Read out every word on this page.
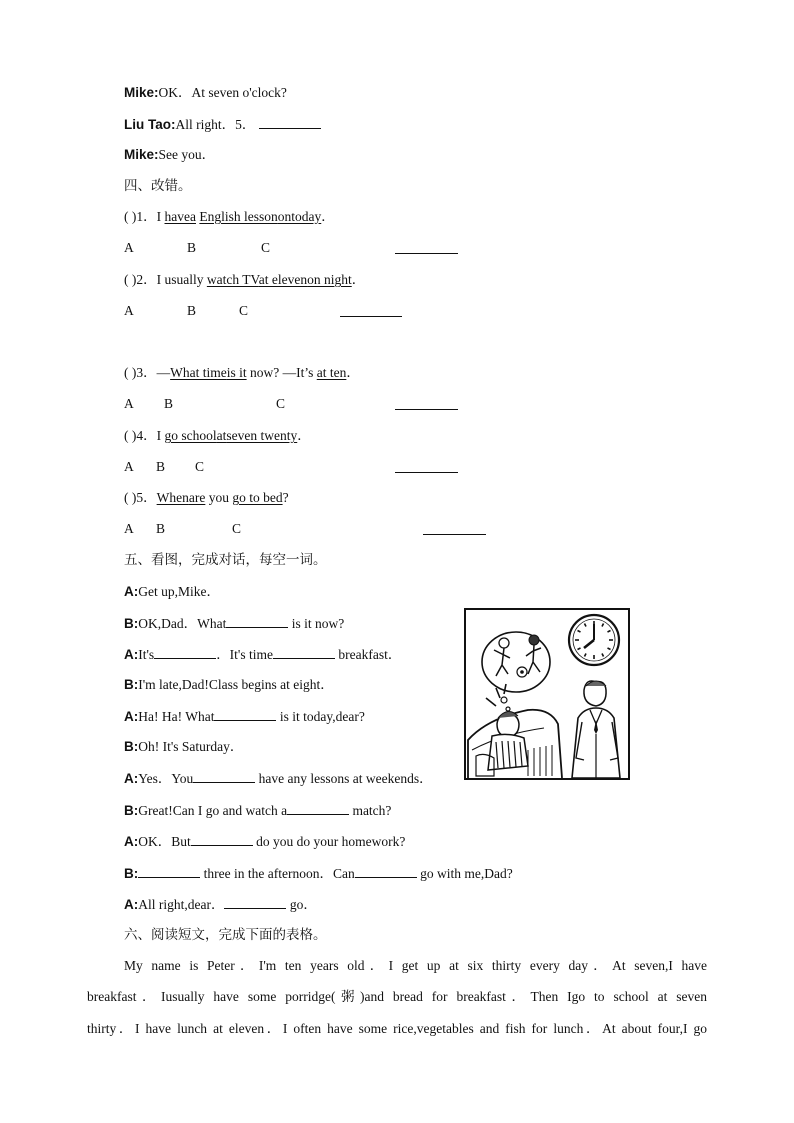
Mike:OK．At seven o'clock?
Liu Tao:All right．5．
Mike:See you．
四、改错。
( )1．I havea English lessonontoday．
A	B	C
( )2．I usually watch TVat elevenon night．
A	B	C
( )3．—What timeis it now? —It’s at ten．
A B	C
( )4．I go schoolatseven twenty．
A B C
( )5．Whenare you go to bed?
A B	C
五、看图，完成对话，每空一词。
A:Get up,Mike．
B:OK,Dad．What	is it now?
A:It's	．It's time	breakfast．
B:I'm late,Dad!Class begins at eight．
A:Ha! Ha! What	is it today,dear?
B:Oh! It's Saturday．
A:Yes．You	have any lessons at weekends．
B:Great!Can I go and watch a	match?
A:OK．But	do you do your homework?
B:	three in the afternoon．Can	go with me,Dad?
A:All right,dear．	go．
六、阅读短文，完成下面的表格。
My name is Peter．I'm ten years old．I get up at six thirty every day．At seven,I have
breakfast．Iusually have some porridge(粥)and bread for breakfast．Then Igo to school at seven
thirty．I have lunch at eleven．I often have some rice,vegetables and fish for lunch．At about four,I go
